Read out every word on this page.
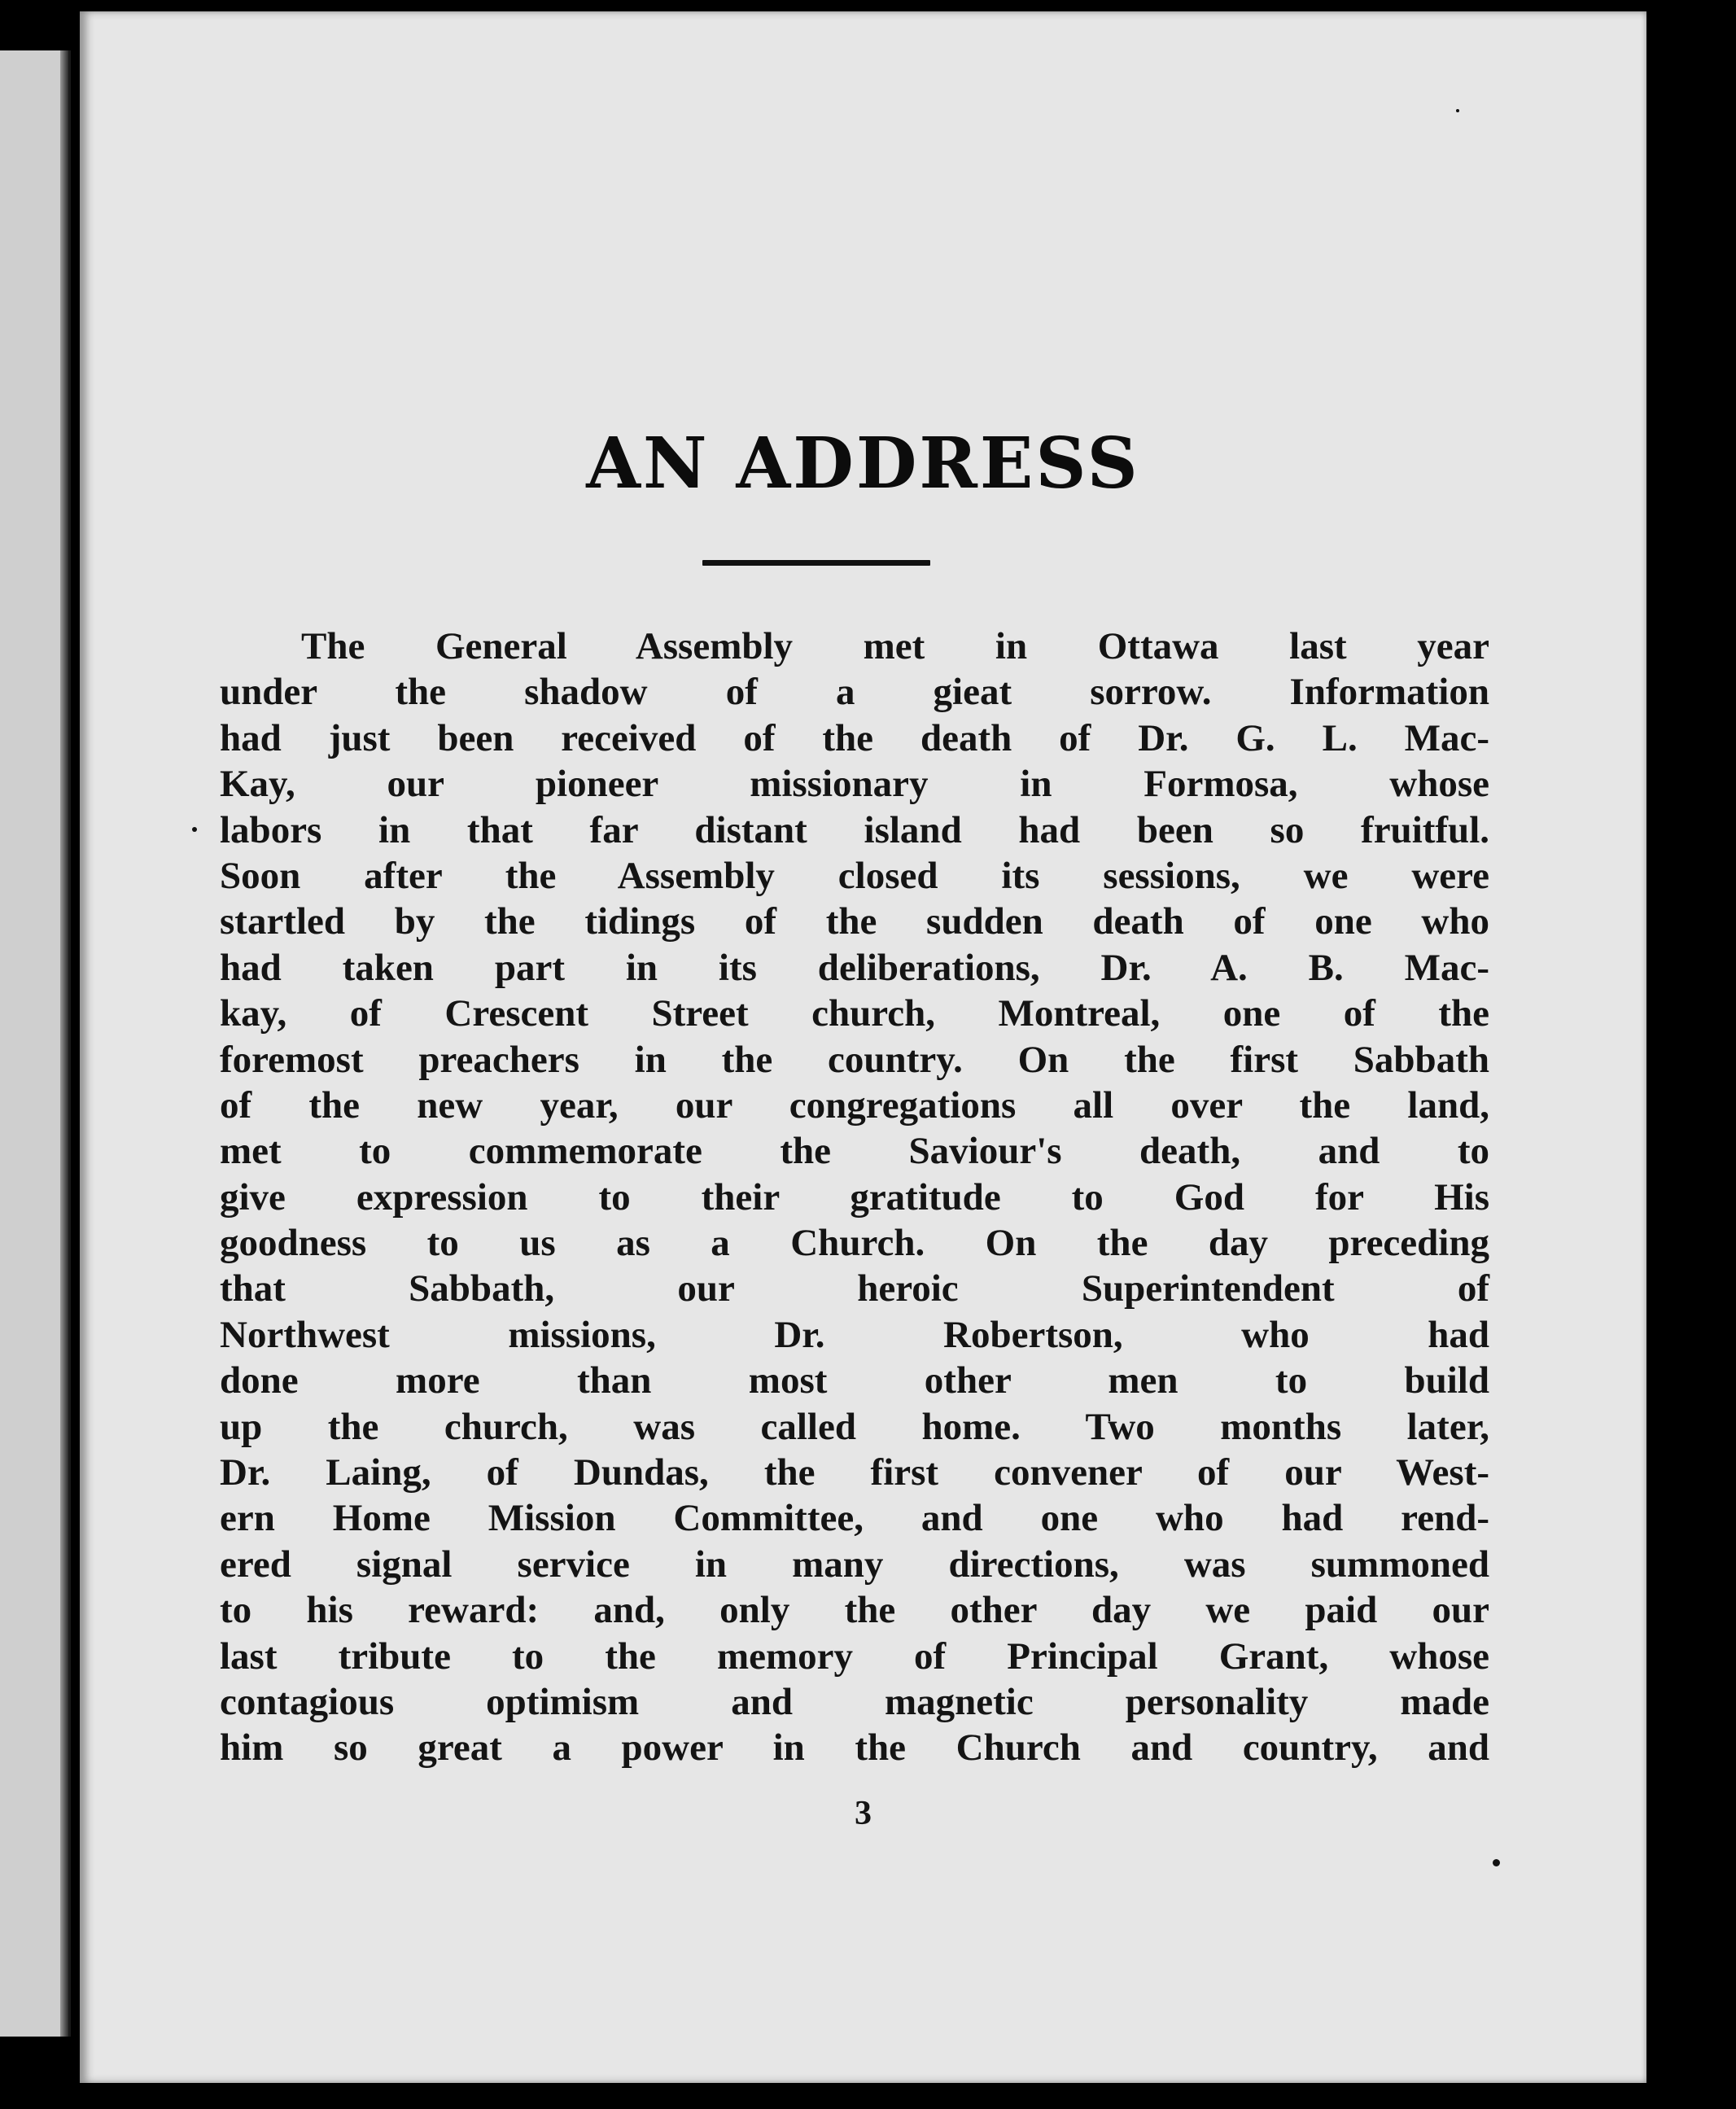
AN ADDRESS
The General Assembly met in Ottawa last year
under the shadow of a gieat sorrow. Information
had just been received of the death of Dr. G. L. Mac-
Kay, our pioneer missionary in Formosa, whose
labors in that far distant island had been so fruitful.
Soon after the Assembly closed its sessions, we were
startled by the tidings of the sudden death of one who
had taken part in its deliberations, Dr. A. B. Mac-
kay, of Crescent Street church, Montreal, one of the
foremost preachers in the country. On the first Sabbath
of the new year, our congregations all over the land,
met to commemorate the Saviour's death, and to
give expression to their gratitude to God for His
goodness to us as a Church. On the day preceding
that Sabbath, our heroic Superintendent of
Northwest missions, Dr. Robertson, who had
done more than most other men to build
up the church, was called home. Two months later,
Dr. Laing, of Dundas, the first convener of our West-
ern Home Mission Committee, and one who had rend-
ered signal service in many directions, was summoned
to his reward: and, only the other day we paid our
last tribute to the memory of Principal Grant, whose
contagious optimism and magnetic personality made
him so great a power in the Church and country, and
3
